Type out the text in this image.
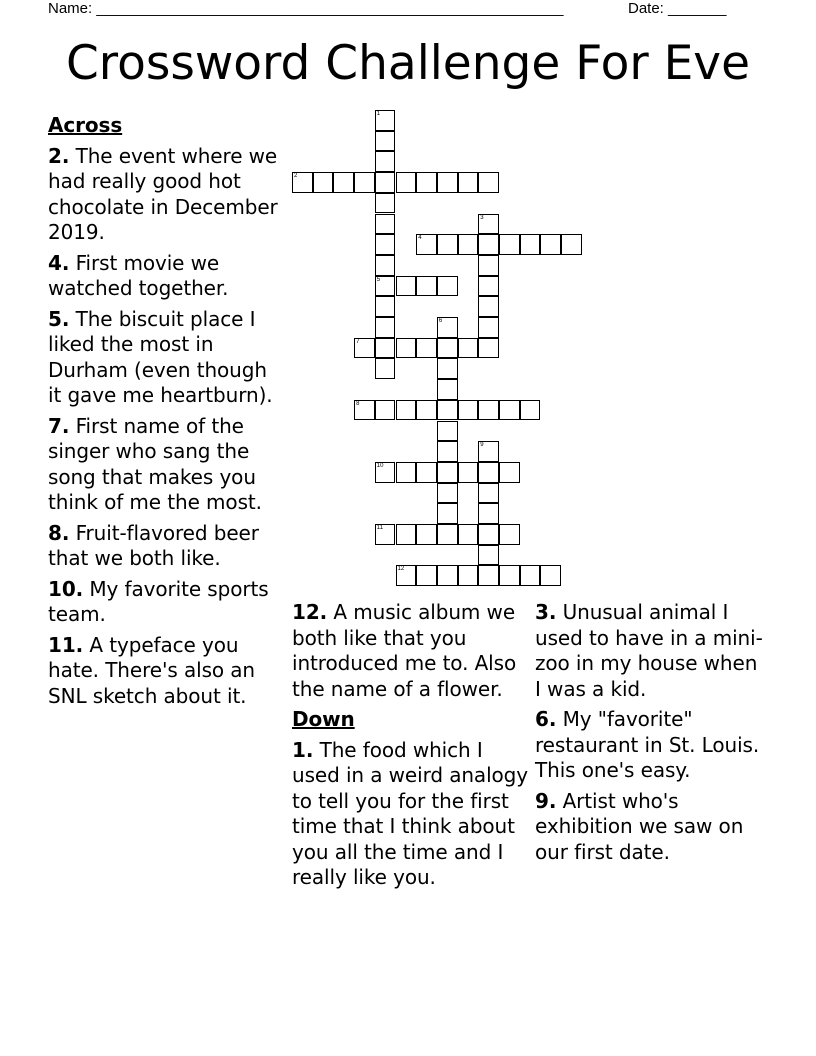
Name: ________________________________________________________	Date: _______
Crossword Challenge For Eve
1
5
2
3
4
6
7
8
9
10
11
12
Across
2. The event where we had really good hot chocolate in December 2019.
4. First movie we watched together.
5. The biscuit place I liked the most in Durham (even though it gave me heartburn).
7. First name of the singer who sang the song that makes you think of me the most.
8. Fruit-flavored beer that we both like.
10. My favorite sports team.
11. A typeface you hate. There's also an SNL sketch about it.
12. A music album we both like that you introduced me to. Also the name of a flower.
Down
1. The food which I used in a weird analogy to tell you for the first time that I think about you all the time and I really like you.
3. Unusual animal I used to have in a mini-zoo in my house when I was a kid.
6. My "favorite" restaurant in St. Louis. This one's easy.
9. Artist who's exhibition we saw on our first date.
